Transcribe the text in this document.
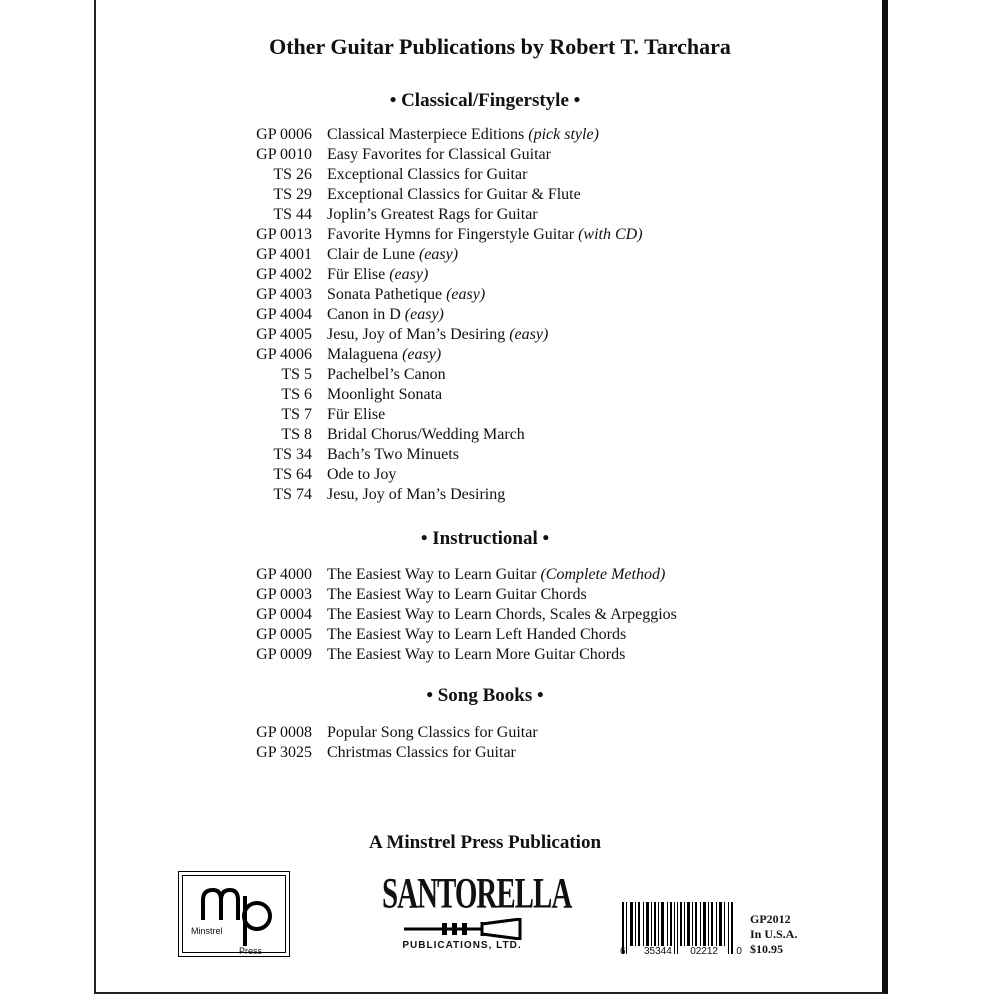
Other Guitar Publications by Robert T. Tarchara
• Classical/Fingerstyle •
GP 0006 Classical Masterpiece Editions (pick style)
GP 0010 Easy Favorites for Classical Guitar
TS 26 Exceptional Classics for Guitar
TS 29 Exceptional Classics for Guitar & Flute
TS 44 Joplin’s Greatest Rags for Guitar
GP 0013 Favorite Hymns for Fingerstyle Guitar (with CD)
GP 4001 Clair de Lune (easy)
GP 4002 Für Elise (easy)
GP 4003 Sonata Pathetique (easy)
GP 4004 Canon in D (easy)
GP 4005 Jesu, Joy of Man’s Desiring (easy)
GP 4006 Malaguena (easy)
TS 5 Pachelbel’s Canon
TS 6 Moonlight Sonata
TS 7 Für Elise
TS 8 Bridal Chorus/Wedding March
TS 34 Bach’s Two Minuets
TS 64 Ode to Joy
TS 74 Jesu, Joy of Man’s Desiring
• Instructional •
GP 4000 The Easiest Way to Learn Guitar (Complete Method)
GP 0003 The Easiest Way to Learn Guitar Chords
GP 0004 The Easiest Way to Learn Chords, Scales & Arpeggios
GP 0005 The Easiest Way to Learn Left Handed Chords
GP 0009 The Easiest Way to Learn More Guitar Chords
• Song Books •
GP 0008 Popular Song Classics for Guitar
GP 3025 Christmas Classics for Guitar
A Minstrel Press Publication
Minstrel
Press
SANTORELLA
PUBLICATIONS, LTD.
6 35344 02212 0
GP2012
In U.S.A.
$10.95
